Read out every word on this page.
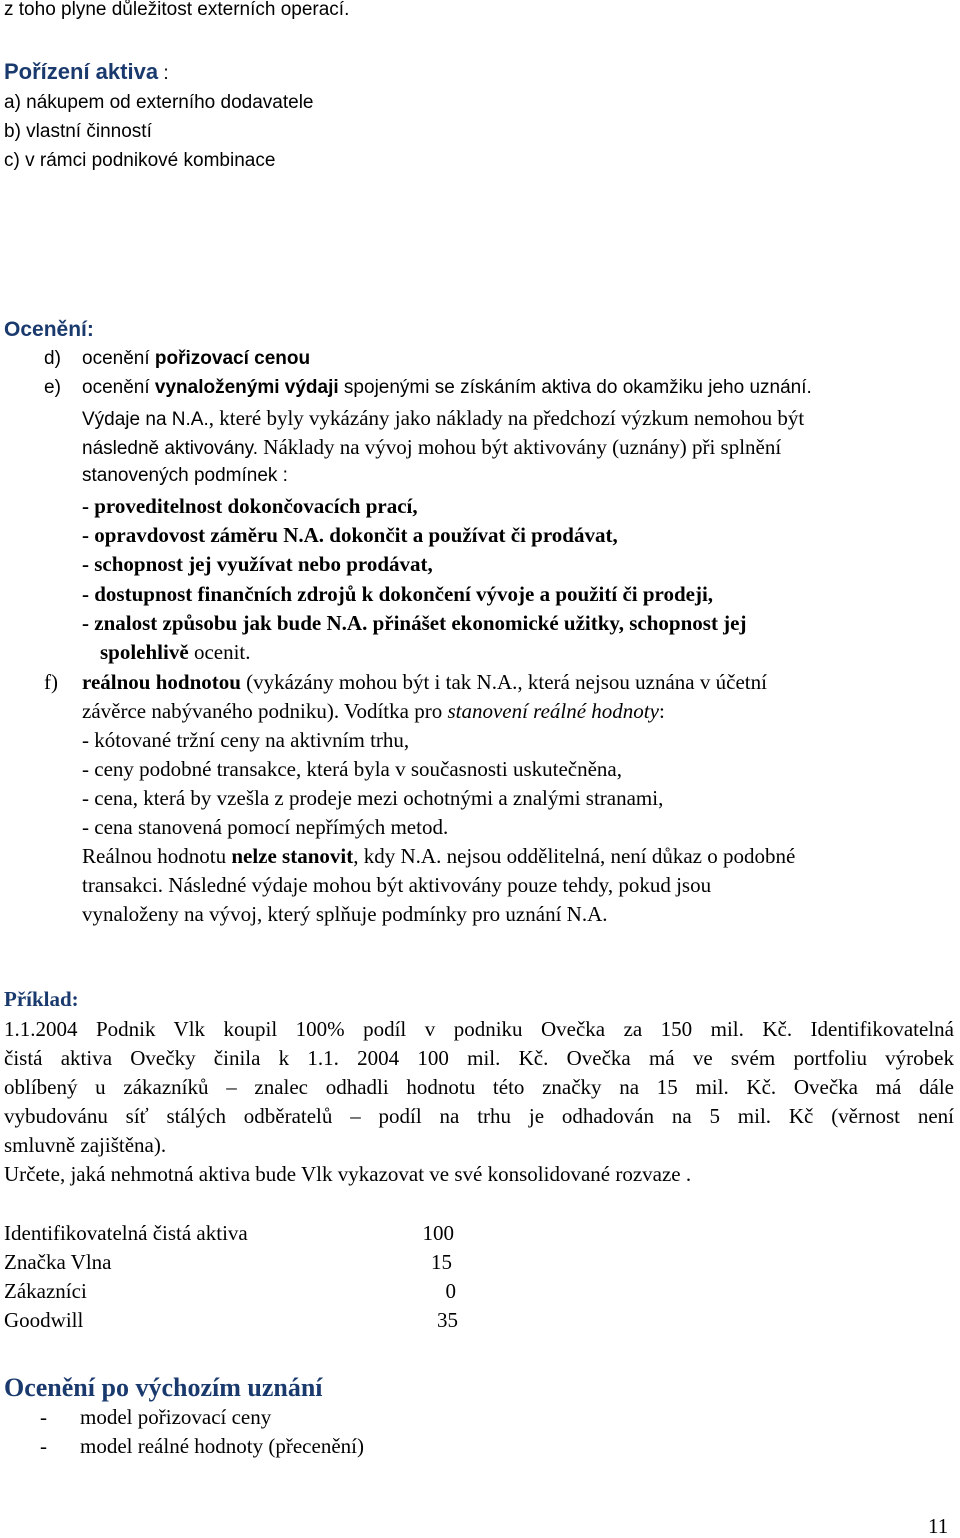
z toho plyne důležitost externích operací.
Pořízení aktiva :
a) nákupem od externího dodavatele
b) vlastní činností
c) v rámci podnikové kombinace
Ocenění:
d) ocenění pořizovací cenou
e) ocenění vynaloženými výdaji spojenými se získáním aktiva do okamžiku jeho uznání.
Výdaje na N.A., které byly vykázány jako náklady na předchozí výzkum nemohou být
následně aktivovány. Náklady na vývoj mohou být aktivovány (uznány) při splnění
stanovených podmínek :
- proveditelnost dokončovacích prací,
- opravdovost záměru N.A. dokončit a používat či prodávat,
- schopnost jej využívat nebo prodávat,
- dostupnost finančních zdrojů k dokončení vývoje a použití či prodeji,
- znalost způsobu jak bude N.A. přinášet ekonomické užitky, schopnost jej
spolehlivě ocenit.
f) reálnou hodnotou (vykázány mohou být i tak N.A., která nejsou uznána v účetní
závěrce nabývaného podniku). Vodítka pro stanovení reálné hodnoty:
- kótované tržní ceny na aktivním trhu,
- ceny podobné transakce, která byla v současnosti uskutečněna,
- cena, která by vzešla z prodeje mezi ochotnými a znalými stranami,
- cena stanovená pomocí nepřímých metod.
Reálnou hodnotu nelze stanovit, kdy N.A. nejsou oddělitelná, není důkaz o podobné
transakci. Následné výdaje mohou být aktivovány pouze tehdy, pokud jsou
vynaloženy na vývoj, který splňuje podmínky pro uznání N.A.
Příklad:
1.1.2004 Podnik Vlk koupil 100% podíl v podniku Ovečka za 150 mil. Kč. Identifikovatelná
čistá aktiva Ovečky činila k 1.1. 2004 100 mil. Kč. Ovečka má ve svém portfoliu výrobek
oblíbený u zákazníků – znalec odhadli hodnotu této značky na 15 mil. Kč. Ovečka má dále
vybudovánu síť stálých odběratelů – podíl na trhu je odhadován na 5 mil. Kč (věrnost není
smluvně zajištěna).
Určete, jaká nehmotná aktiva bude Vlk vykazovat ve své konsolidované rozvaze .
Identifikovatelná čistá aktiva	100
Značka Vlna	15
Zákazníci	0
Goodwill	35
Ocenění po výchozím uznání
- model pořizovací ceny
- model reálné hodnoty (přecenění)
11
